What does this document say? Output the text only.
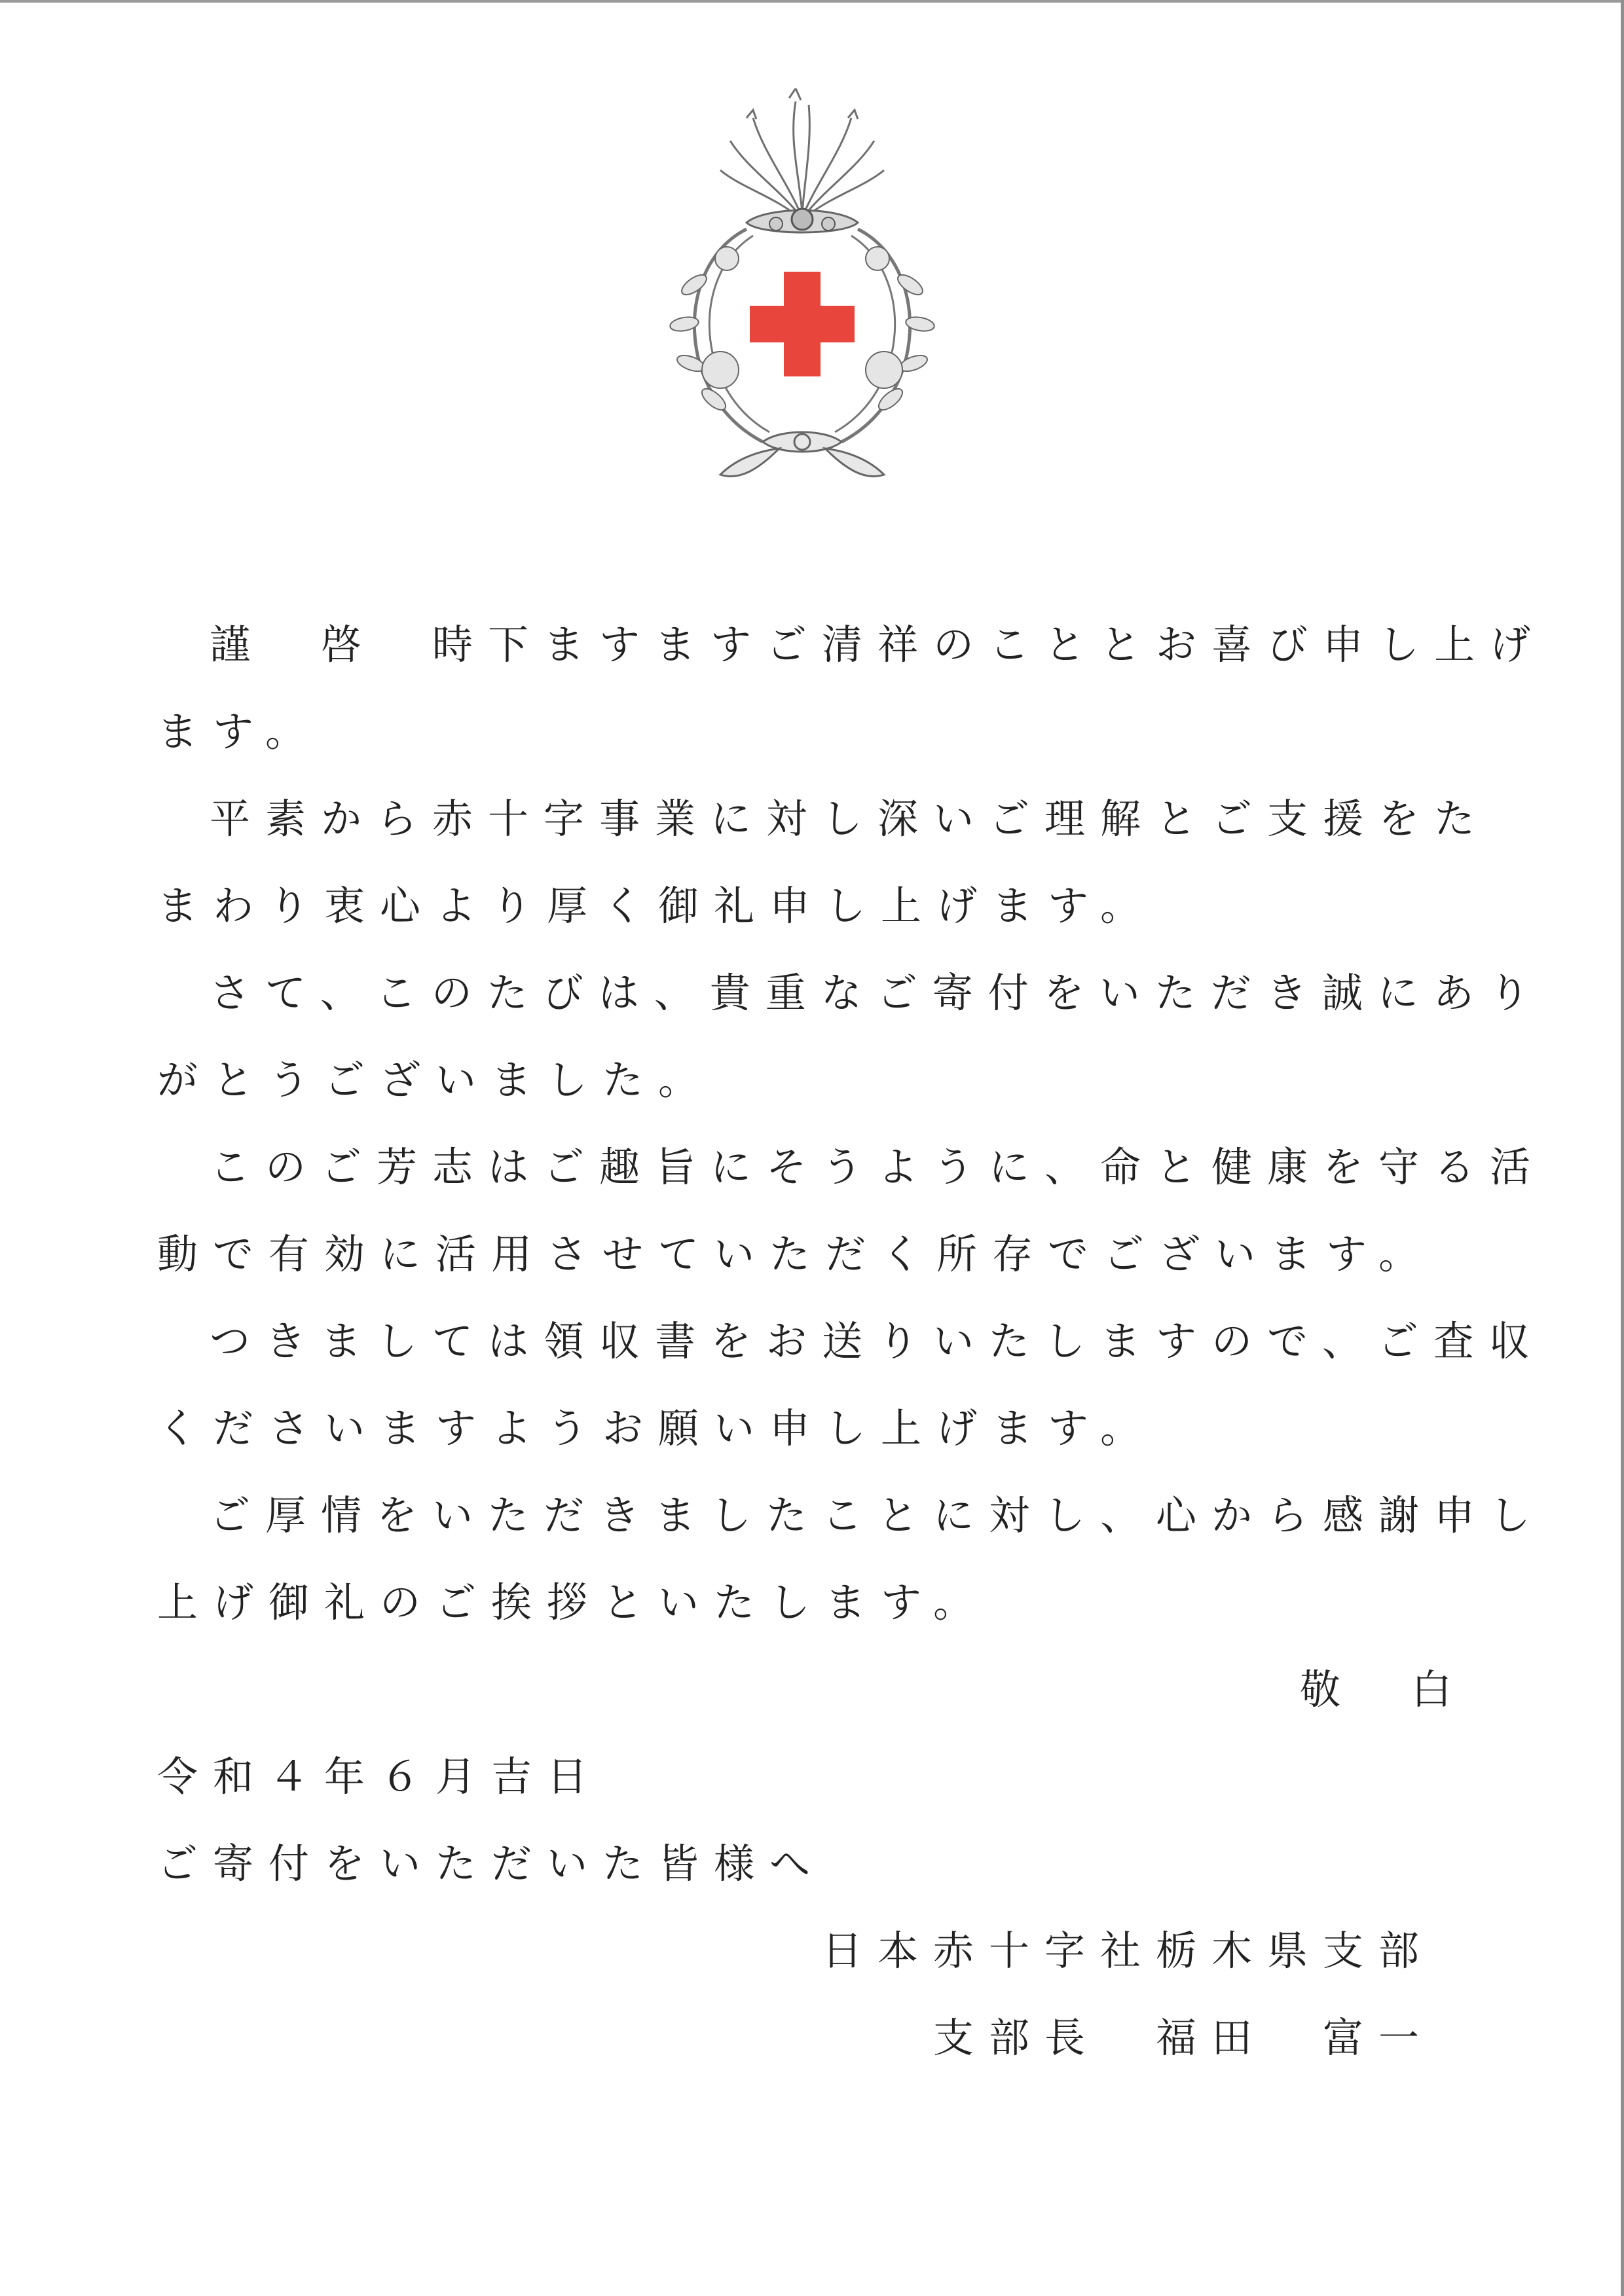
謹　啓　時下ますますご清祥のこととお喜び申し上げ
ます。
平素から赤十字事業に対し深いご理解とご支援をた
まわり衷心より厚く御礼申し上げます。
さて、このたびは、貴重なご寄付をいただき誠にあり
がとうございました。
このご芳志はご趣旨にそうように、命と健康を守る活
動で有効に活用させていただく所存でございます。
つきましては領収書をお送りいたしますので、ご査収
くださいますようお願い申し上げます。
ご厚情をいただきましたことに対し、心から感謝申し
上げ御礼のご挨拶といたします。
敬　白
令和４年６月吉日
ご寄付をいただいた皆様へ
日本赤十字社栃木県支部
支部長　福田　富一
